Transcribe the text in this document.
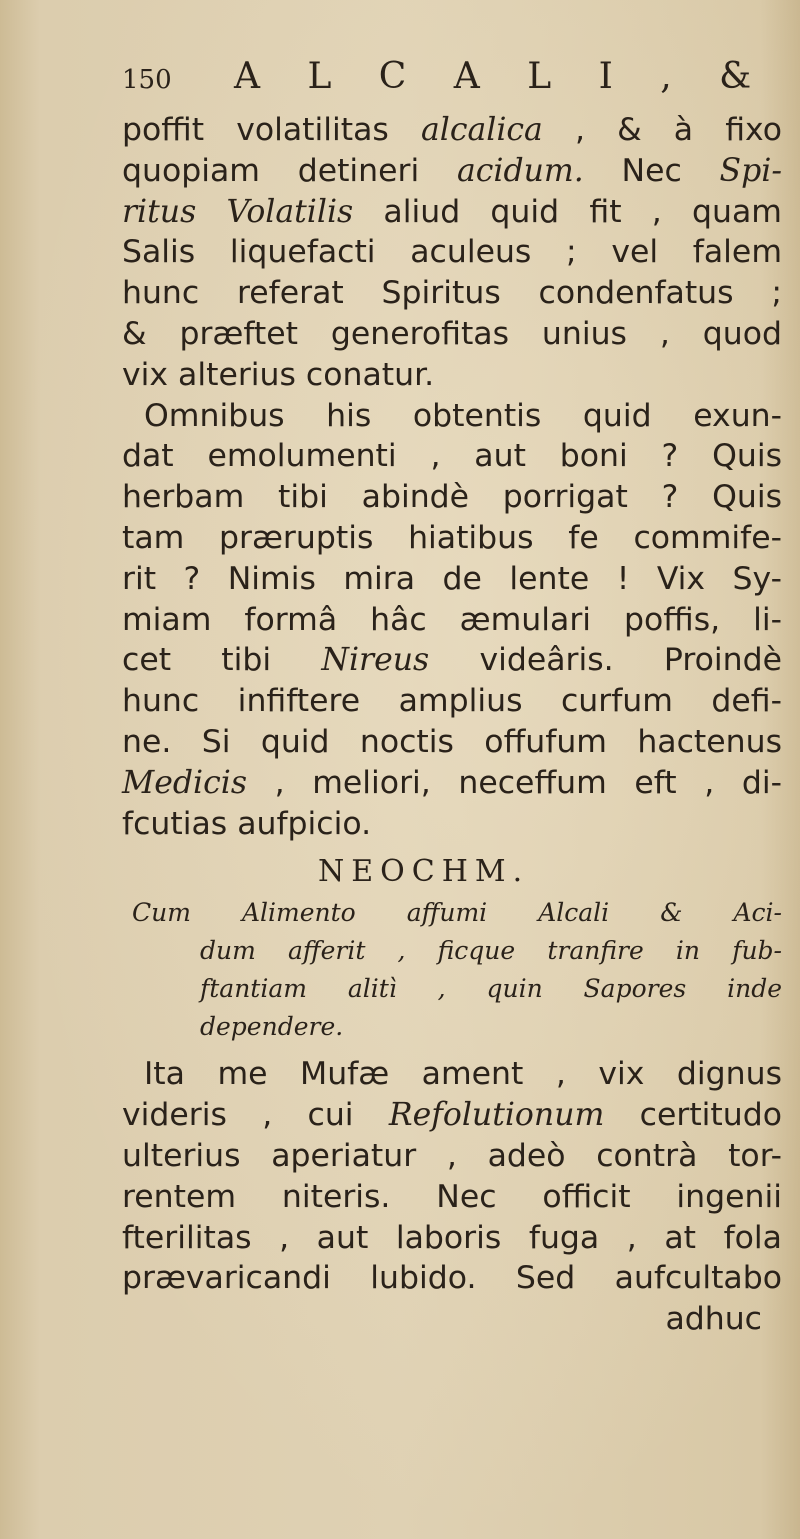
150	A L C A L I , &
poffit volatilitas alcalica , & à fixo
quopiam detineri acidum. Nec Spi-
ritus Volatilis aliud quid fit , quam
Salis liquefacti aculeus ; vel falem
hunc referat Spiritus condenfatus ;
& præftet generofitas unius , quod
vix alterius conatur.
Omnibus his obtentis quid exun-
dat emolumenti , aut boni ? Quis
herbam tibi abindè porrigat ? Quis
tam præruptis hiatibus fe commife-
rit ? Nimis mira de lente ! Vix Sy-
miam formâ hâc æmulari poffis, li-
cet tibi Nireus videâris. Proindè
hunc infiftere amplius curfum defi-
ne. Si quid noctis offufum hactenus
Medicis , meliori, neceffum eft , di-
fcutias aufpicio.
NEOCHM.
Cum Alimento affumi Alcali & Aci-
dum afferit , ficque tranfire in fub-
ftantiam alitì , quin Sapores inde
dependere.
Ita me Mufæ ament , vix dignus
videris , cui Refolutionum certitudo
ulterius aperiatur , adeò contrà tor-
rentem niteris. Nec officit ingenii
fterilitas , aut laboris fuga , at fola
prævaricandi lubido. Sed aufcultabo
adhuc
